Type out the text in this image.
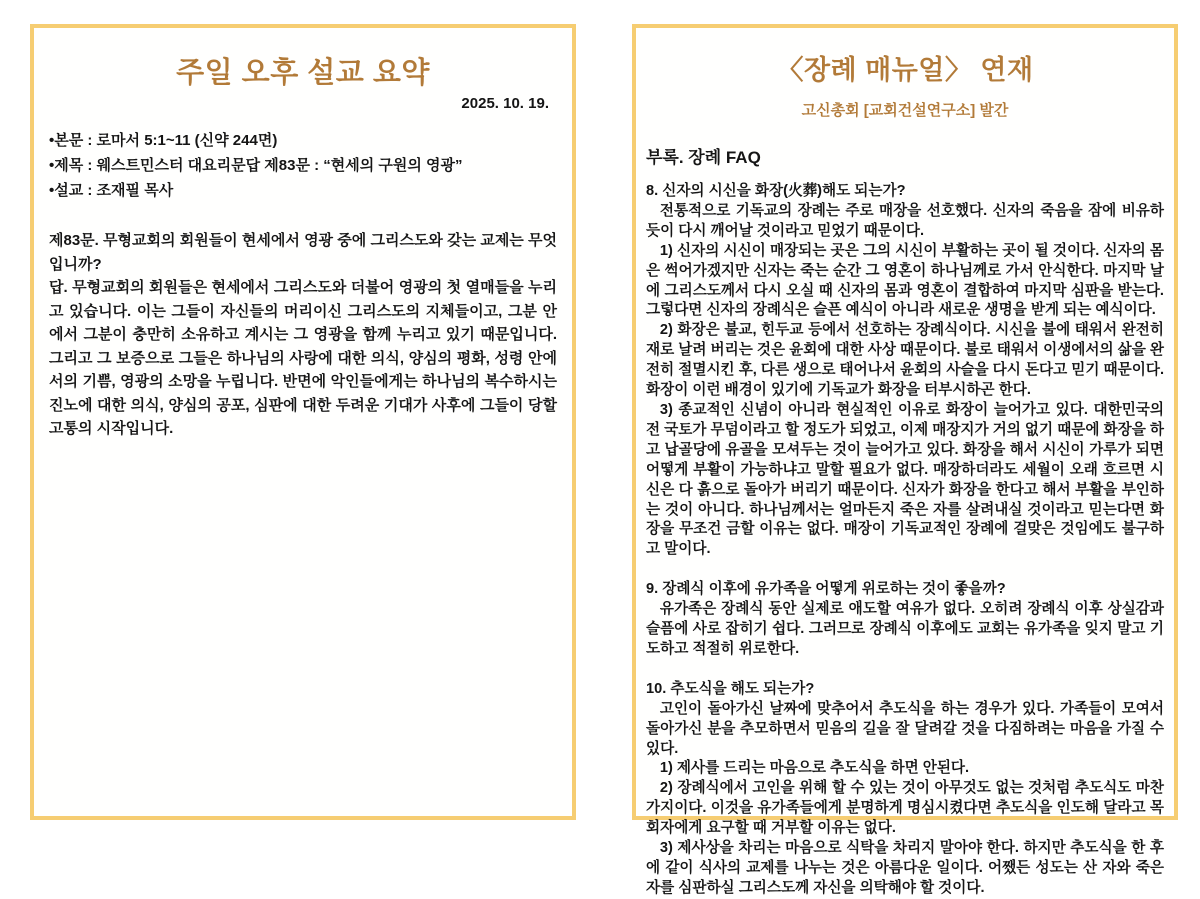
주일 오후 설교 요약
2025. 10. 19.
•본문 : 로마서 5:1~11 (신약 244면)
•제목 : 웨스트민스터 대요리문답 제83문 : “현세의 구원의 영광”
•설교 : 조재필 목사

제83문. 무형교회의 회원들이 현세에서 영광 중에 그리스도와 갖는 교제는 무엇입니까?

답. 무형교회의 회원들은 현세에서 그리스도와 더불어 영광의 첫 열매들을 누리고 있습니다. 이는 그들이 자신들의 머리이신 그리스도의 지체들이고, 그분 안에서 그분이 충만히 소유하고 계시는 그 영광을 함께 누리고 있기 때문입니다. 그리고 그 보증으로 그들은 하나님의 사랑에 대한 의식, 양심의 평화, 성령 안에서의 기쁨, 영광의 소망을 누립니다. 반면에 악인들에게는 하나님의 복수하시는 진노에 대한 의식, 양심의 공포, 심판에 대한 두려운 기대가 사후에 그들이 당할 고통의 시작입니다.

〈장례 매뉴얼〉 연재
고신총회 [교회건설연구소] 발간
부록. 장례 FAQ

8. 신자의 시신을 화장(火葬)해도 되는가?

전통적으로 기독교의 장례는 주로 매장을 선호했다. 신자의 죽음을 잠에 비유하듯이 다시 깨어날 것이라고 믿었기 때문이다.

1) 신자의 시신이 매장되는 곳은 그의 시신이 부활하는 곳이 될 것이다. 신자의 몸은 썩어가겠지만 신자는 죽는 순간 그 영혼이 하나님께로 가서 안식한다. 마지막 날에 그리스도께서 다시 오실 때 신자의 몸과 영혼이 결합하여 마지막 심판을 받는다. 그렇다면 신자의 장례식은 슬픈 예식이 아니라 새로운 생명을 받게 되는 예식이다.

2) 화장은 불교, 힌두교 등에서 선호하는 장례식이다. 시신을 불에 태워서 완전히 재로 날려 버리는 것은 윤회에 대한 사상 때문이다. 불로 태워서 이생에서의 삶을 완전히 절멸시킨 후, 다른 생으로 태어나서 윤회의 사슬을 다시 돈다고 믿기 때문이다. 화장이 이런 배경이 있기에 기독교가 화장을 터부시하곤 한다.

3) 종교적인 신념이 아니라 현실적인 이유로 화장이 늘어가고 있다. 대한민국의 전 국토가 무덤이라고 할 정도가 되었고, 이제 매장지가 거의 없기 때문에 화장을 하고 납골당에 유골을 모셔두는 것이 늘어가고 있다. 화장을 해서 시신이 가루가 되면 어떻게 부활이 가능하냐고 말할 필요가 없다. 매장하더라도 세월이 오래 흐르면 시신은 다 흙으로 돌아가 버리기 때문이다. 신자가 화장을 한다고 해서 부활을 부인하는 것이 아니다. 하나님께서는 얼마든지 죽은 자를 살려내실 것이라고 믿는다면 화장을 무조건 금할 이유는 없다. 매장이 기독교적인 장례에 걸맞은 것임에도 불구하고 말이다.

9. 장례식 이후에 유가족을 어떻게 위로하는 것이 좋을까?

유가족은 장례식 동안 실제로 애도할 여유가 없다. 오히려 장례식 이후 상실감과 슬픔에 사로 잡히기 쉽다. 그러므로 장례식 이후에도 교회는 유가족을 잊지 말고 기도하고 적절히 위로한다.

10. 추도식을 해도 되는가?

고인이 돌아가신 날짜에 맞추어서 추도식을 하는 경우가 있다. 가족들이 모여서 돌아가신 분을 추모하면서 믿음의 길을 잘 달려갈 것을 다짐하려는 마음을 가질 수 있다.

1) 제사를 드리는 마음으로 추도식을 하면 안된다.

2) 장례식에서 고인을 위해 할 수 있는 것이 아무것도 없는 것처럼 추도식도 마찬가지이다. 이것을 유가족들에게 분명하게 명심시켰다면 추도식을 인도해 달라고 목회자에게 요구할 때 거부할 이유는 없다.

3) 제사상을 차리는 마음으로 식탁을 차리지 말아야 한다. 하지만 추도식을 한 후에 같이 식사의 교제를 나누는 것은 아름다운 일이다. 어쨌든 성도는 산 자와 죽은 자를 심판하실 그리스도께 자신을 의탁해야 할 것이다.
